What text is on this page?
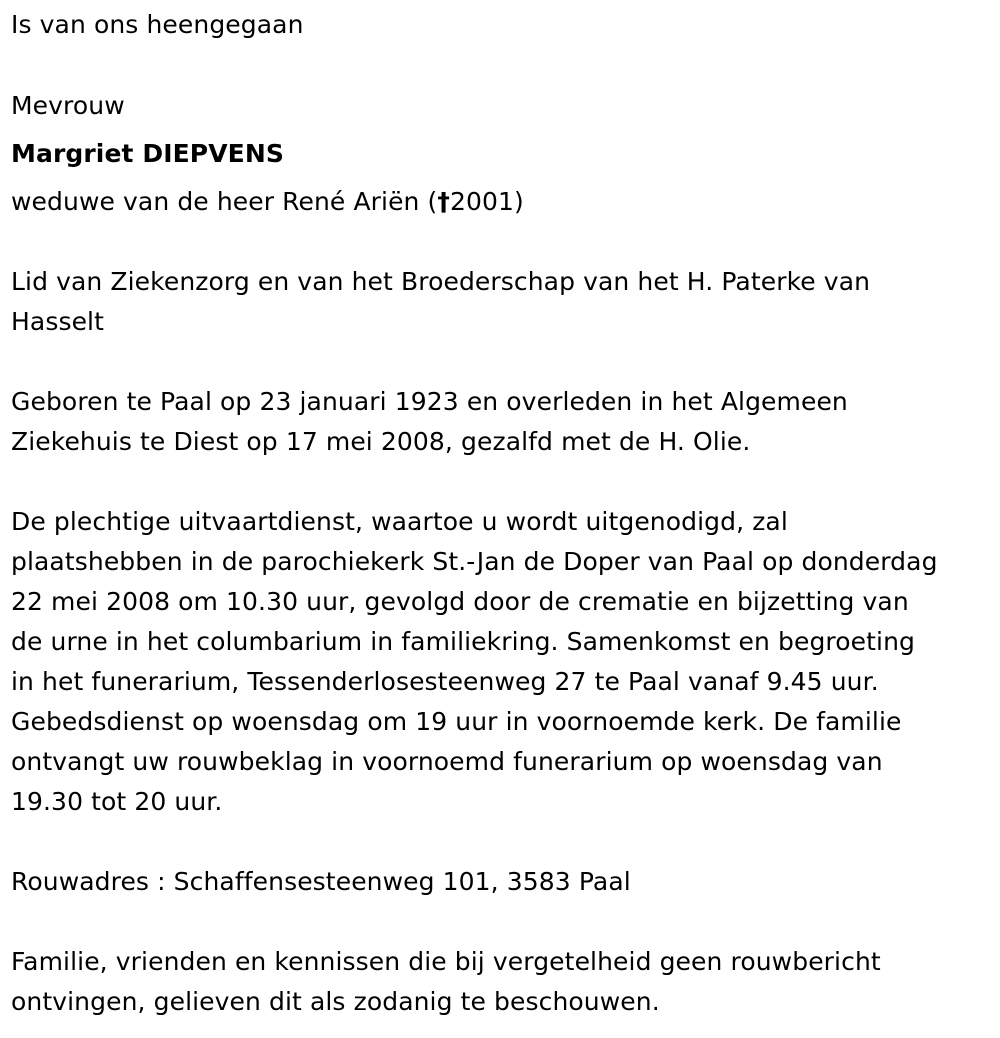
Is van ons heengegaan
Mevrouw
Margriet DIEPVENS
weduwe van de heer René Ariën (†2001)
Lid van Ziekenzorg en van het Broederschap van het H. Paterke van
Hasselt
Geboren te Paal op 23 januari 1923 en overleden in het Algemeen
Ziekehuis te Diest op 17 mei 2008, gezalfd met de H. Olie.
De plechtige uitvaartdienst, waartoe u wordt uitgenodigd, zal
plaatshebben in de parochiekerk St.-Jan de Doper van Paal op donderdag
22 mei 2008 om 10.30 uur, gevolgd door de crematie en bijzetting van
de urne in het columbarium in familiekring. Samenkomst en begroeting
in het funerarium, Tessenderlosesteenweg 27 te Paal vanaf 9.45 uur.
Gebedsdienst op woensdag om 19 uur in voornoemde kerk. De familie
ontvangt uw rouwbeklag in voornoemd funerarium op woensdag van
19.30 tot 20 uur.
Rouwadres : Schaffensesteenweg 101, 3583 Paal
Familie, vrienden en kennissen die bij vergetelheid geen rouwbericht
ontvingen, gelieven dit als zodanig te beschouwen.
